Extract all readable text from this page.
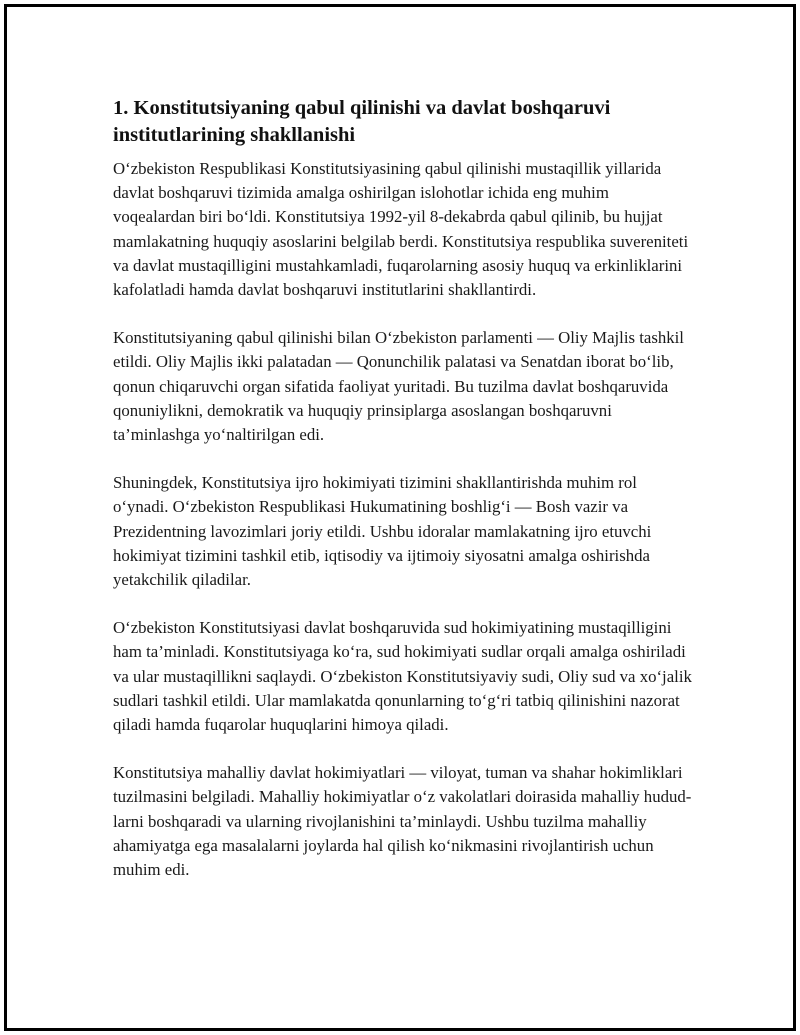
1. Konstitutsiyaning qabul qilinishi va davlat boshqaruvi institutlarining shakllanishi

O‘zbekiston Respublikasi Konstitutsiyasining qabul qilinishi mustaqillik yillarida davlat boshqaruvi tizimida amalga oshirilgan islohotlar ichida eng muhim voqealardan biri bo‘ldi. Konstitutsiya 1992-yil 8-dekabrda qabul qilinib, bu hujjat mamlakatning huquqiy asoslarini belgilab berdi. Konstitutsiya respublika suvereniteti va davlat mustaqilligini mustahkamladi, fuqarolarning asosiy huquq va erkinliklarini kafolatladi hamda davlat boshqaruvi institutlarini shakllantirdi.

Konstitutsiyaning qabul qilinishi bilan O‘zbekiston parlamenti — Oliy Majlis tashkil etildi. Oliy Majlis ikki palatadan — Qonunchilik palatasi va Senatdan iborat bo‘lib, qonun chiqaruvchi organ sifatida faoliyat yuritadi. Bu tuzilma davlat boshqaruvida qonuniylikni, demokratik va huquqiy prinsiplarga asoslangan boshqaruvni ta’minlashga yo‘naltirilgan edi.

Shuningdek, Konstitutsiya ijro hokimiyati tizimini shakllantirishda muhim rol o‘ynadi. O‘zbekiston Respublikasi Hukumatining boshlig‘i — Bosh vazir va Prezidentning lavozimlari joriy etildi. Ushbu idoralar mamlakatning ijro etuvchi hokimiyat tizimini tashkil etib, iqtisodiy va ijtimoiy siyosatni amalga oshirishda yetakchilik qiladilar.

O‘zbekiston Konstitutsiyasi davlat boshqaruvida sud hokimiyatining mustaqilligini ham ta’minladi. Konstitutsiyaga ko‘ra, sud hokimiyati sudlar orqali amalga oshiriladi va ular mustaqillikni saqlaydi. O‘zbekiston Konstitutsiyaviy sudi, Oliy sud va xo‘jalik sudlari tashkil etildi. Ular mamlakatda qonunlarning to‘g‘ri tatbiq qilinishini nazorat qiladi hamda fuqarolar huquqlarini himoya qiladi.

Konstitutsiya mahalliy davlat hokimiyatlari — viloyat, tuman va shahar hokimliklari tuzilmasini belgiladi. Mahalliy hokimiyatlar o‘z vakolatlari doirasida mahalliy hududlarni boshqaradi va ularning rivojlanishini ta’minlaydi. Ushbu tuzilma mahalliy ahamiyatga ega masalalarni joylarda hal qilish ko‘nikmasini rivojlantirish uchun muhim edi.
